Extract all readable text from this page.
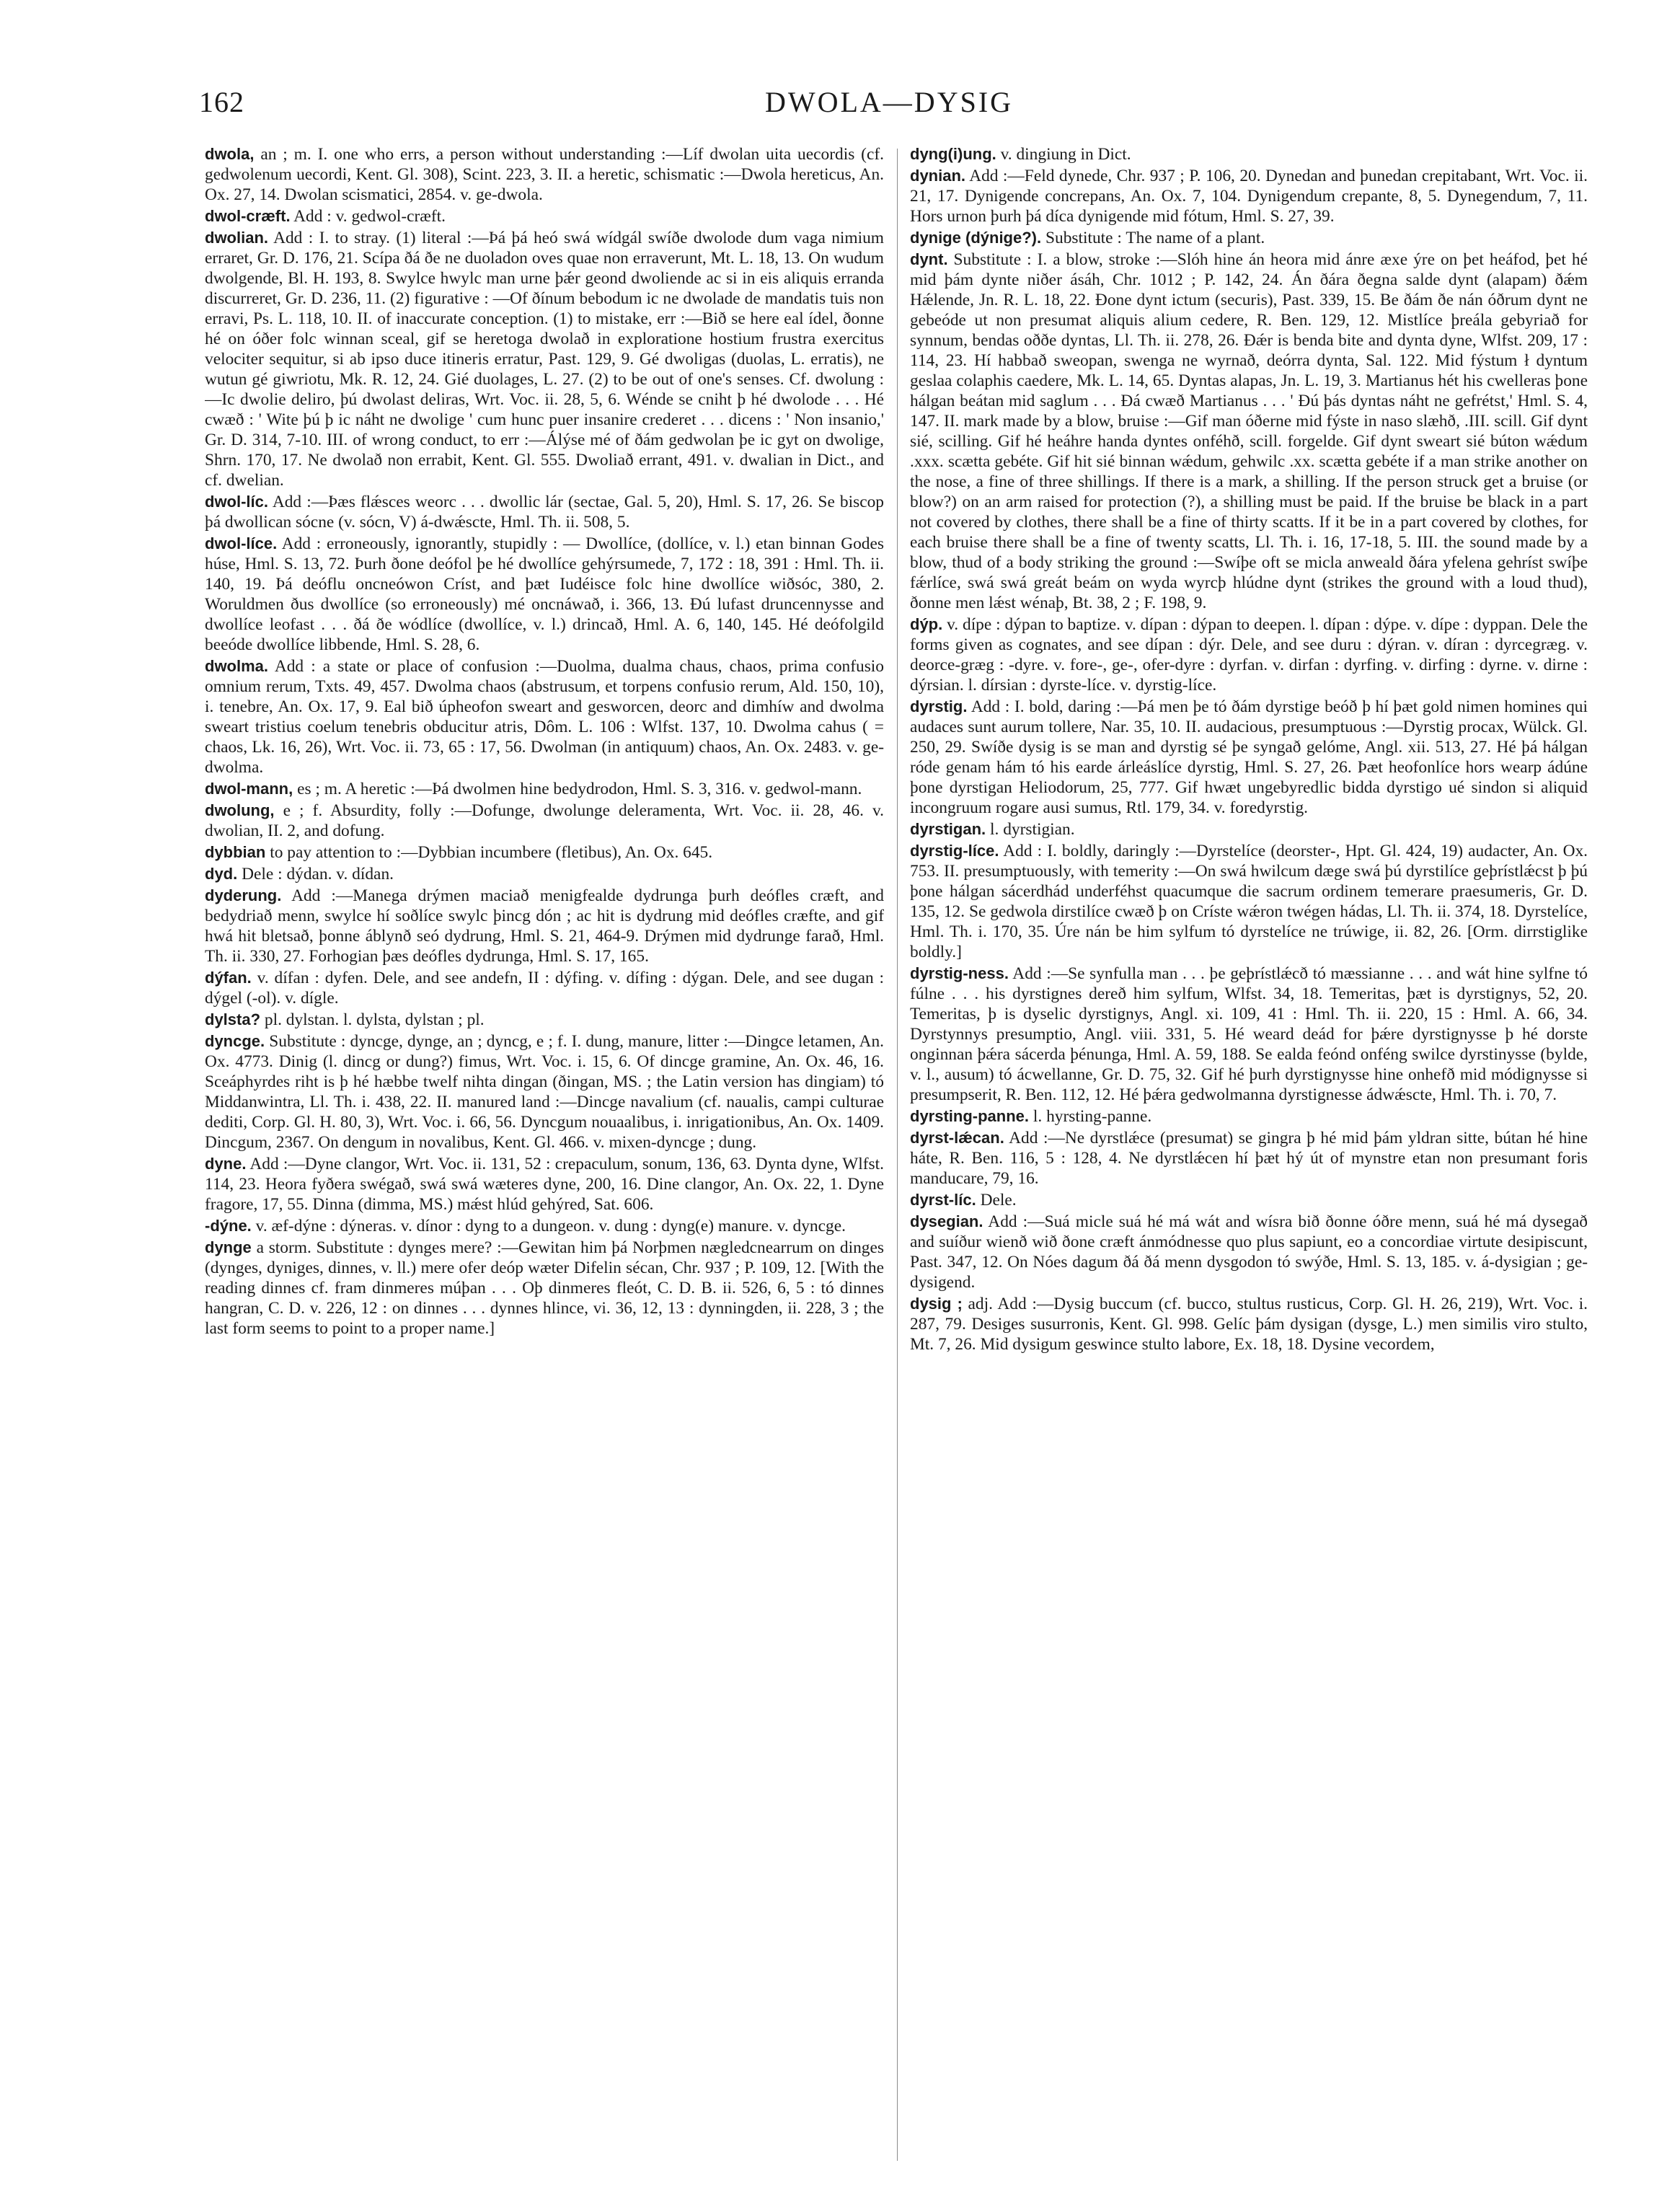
162	DWOLA—DYSIG

dwola, an ; m. I. one who errs, a person without understanding :—Líf dwolan uita uecordis (cf. gedwolenum uecordi, Kent. Gl. 308), Scint. 223, 3. II. a heretic, schismatic :—Dwola hereticus, An. Ox. 27, 14. Dwolan scismatici, 2854. v. ge-dwola.

dwol-cræft. Add : v. gedwol-cræft.

dwolian. Add : I. to stray. (1) literal :—Þá þá heó swá wídgál swíðe dwolode dum vaga nimium erraret, Gr. D. 176, 21. Scípa ðá ðe ne duoladon oves quae non erraverunt, Mt. L. 18, 13. On wudum dwolgende, Bl. H. 193, 8. Swylce hwylc man urne þǽr geond dwoliende ac si in eis aliquis erranda discurreret, Gr. D. 236, 11. (2) figurative : —Of ðínum bebodum ic ne dwolade de mandatis tuis non erravi, Ps. L. 118, 10. II. of inaccurate conception. (1) to mistake, err :—Bið se here eal ídel, ðonne hé on óðer folc winnan sceal, gif se heretoga dwolað in exploratione hostium frustra exercitus velociter sequitur, si ab ipso duce itineris erratur, Past. 129, 9. Gé dwoligas (duolas, L. erratis), ne wutun gé giwriotu, Mk. R. 12, 24. Gié duolages, L. 27. (2) to be out of one's senses. Cf. dwolung :—Ic dwolie deliro, þú dwolast deliras, Wrt. Voc. ii. 28, 5, 6. Wénde se cniht þ hé dwolode . . . Hé cwæð : ' Wite þú þ ic náht ne dwolige ' cum hunc puer insanire crederet . . . dicens : ' Non insanio,' Gr. D. 314, 7-10. III. of wrong conduct, to err :—Álýse mé of ðám gedwolan þe ic gyt on dwolige, Shrn. 170, 17. Ne dwolað non errabit, Kent. Gl. 555. Dwoliað errant, 491. v. dwalian in Dict., and cf. dwelian.

dwol-líc. Add :—Þæs flǽsces weorc . . . dwollic lár (sectae, Gal. 5, 20), Hml. S. 17, 26. Se biscop þá dwollican sócne (v. sócn, V) á-dwǽscte, Hml. Th. ii. 508, 5.

dwol-líce. Add : erroneously, ignorantly, stupidly : — Dwollíce, (dollíce, v. l.) etan binnan Godes húse, Hml. S. 13, 72. Þurh ðone deófol þe hé dwollíce gehýrsumede, 7, 172 : 18, 391 : Hml. Th. ii. 140, 19. Þá deóflu oncneówon Críst, and þæt Iudéisce folc hine dwollíce wiðsóc, 380, 2. Woruldmen ðus dwollíce (so erroneously) mé oncnáwað, i. 366, 13. Ðú lufast druncennysse and dwollíce leofast . . . ðá ðe wódlíce (dwollíce, v. l.) drincað, Hml. A. 6, 140, 145. Hé deófolgild beeóde dwollíce libbende, Hml. S. 28, 6.

dwolma. Add : a state or place of confusion :—Duolma, dualma chaus, chaos, prima confusio omnium rerum, Txts. 49, 457. Dwolma chaos (abstrusum, et torpens confusio rerum, Ald. 150, 10), i. tenebre, An. Ox. 17, 9. Eal bið úpheofon sweart and gesworcen, deorc and dimhíw and dwolma sweart tristius coelum tenebris obducitur atris, Dôm. L. 106 : Wlfst. 137, 10. Dwolma cahus ( = chaos, Lk. 16, 26), Wrt. Voc. ii. 73, 65 : 17, 56. Dwolman (in antiquum) chaos, An. Ox. 2483. v. ge-dwolma.

dwol-mann, es ; m. A heretic :—Þá dwolmen hine bedydrodon, Hml. S. 3, 316. v. gedwol-mann.

dwolung, e ; f. Absurdity, folly :—Dofunge, dwolunge deleramenta, Wrt. Voc. ii. 28, 46. v. dwolian, II. 2, and dofung.

dybbian to pay attention to :—Dybbian incumbere (fletibus), An. Ox. 645.

dyd. Dele : dýdan. v. dídan.

dyderung. Add :—Manega drýmen maciað menigfealde dydrunga þurh deófles cræft, and bedydriað menn, swylce hí soðlíce swylc þincg dón ; ac hit is dydrung mid deófles cræfte, and gif hwá hit bletsað, þonne áblynð seó dydrung, Hml. S. 21, 464-9. Drýmen mid dydrunge farað, Hml. Th. ii. 330, 27. Forhogian þæs deófles dydrunga, Hml. S. 17, 165.

dýfan. v. dífan : dyfen. Dele, and see andefn, II : dýfing. v. dífing : dýgan. Dele, and see dugan : dýgel (-ol). v. dígle.

dylsta? pl. dylstan. l. dylsta, dylstan ; pl.

dyncge. Substitute : dyncge, dynge, an ; dyncg, e ; f. I. dung, manure, litter :—Dingce letamen, An. Ox. 4773. Dinig (l. dincg or dung?) fimus, Wrt. Voc. i. 15, 6. Of dincge gramine, An. Ox. 46, 16. Sceáphyrdes riht is þ hé hæbbe twelf nihta dingan (ðingan, MS. ; the Latin version has dingiam) tó Middanwintra, Ll. Th. i. 438, 22. II. manured land :—Dincge navalium (cf. naualis, campi culturae dediti, Corp. Gl. H. 80, 3), Wrt. Voc. i. 66, 56. Dyncgum nouaalibus, i. inrigationibus, An. Ox. 1409. Dincgum, 2367. On dengum in novalibus, Kent. Gl. 466. v. mixen-dyncge ; dung.

dyne. Add :—Dyne clangor, Wrt. Voc. ii. 131, 52 : crepaculum, sonum, 136, 63. Dynta dyne, Wlfst. 114, 23. Heora fyðera swégað, swá swá wæteres dyne, 200, 16. Dine clangor, An. Ox. 22, 1. Dyne fragore, 17, 55. Dinna (dimma, MS.) mǽst hlúd gehýred, Sat. 606.

-dýne. v. æf-dýne : dýneras. v. dínor : dyng to a dungeon. v. dung : dyng(e) manure. v. dyncge.

dynge a storm. Substitute : dynges mere? :—Gewitan him þá Norþmen nægledcnearrum on dinges (dynges, dyniges, dinnes, v. ll.) mere ofer deóp wæter Difelin sécan, Chr. 937 ; P. 109, 12. [With the reading dinnes cf. fram dinmeres múþan . . . Oþ dinmeres fleót, C. D. B. ii. 526, 6, 5 : tó dinnes hangran, C. D. v. 226, 12 : on dinnes . . . dynnes hlince, vi. 36, 12, 13 : dynningden, ii. 228, 3 ; the last form seems to point to a proper name.]

dyng(i)ung. v. dingiung in Dict.

dynian. Add :—Feld dynede, Chr. 937 ; P. 106, 20. Dynedan and þunedan crepitabant, Wrt. Voc. ii. 21, 17. Dynigende concrepans, An. Ox. 7, 104. Dynigendum crepante, 8, 5. Dynegendum, 7, 11. Hors urnon þurh þá díca dynigende mid fótum, Hml. S. 27, 39.

dynige (dýnige?). Substitute : The name of a plant.

dynt. Substitute : I. a blow, stroke :—Slóh hine án heora mid ánre æxe ýre on þet heáfod, þet hé mid þám dynte niðer ásáh, Chr. 1012 ; P. 142, 24. Án ðára ðegna salde dynt (alapam) ðǽm Hǽlende, Jn. R. L. 18, 22. Ðone dynt ictum (securis), Past. 339, 15. Be ðám ðe nán óðrum dynt ne gebeóde ut non presumat aliquis alium cedere, R. Ben. 129, 12. Mistlíce þreála gebyriað for synnum, bendas oððe dyntas, Ll. Th. ii. 278, 26. Ðǽr is benda bite and dynta dyne, Wlfst. 209, 17 : 114, 23. Hí habbað sweopan, swenga ne wyrnað, deórra dynta, Sal. 122. Mid fýstum ł dyntum geslaa colaphis caedere, Mk. L. 14, 65. Dyntas alapas, Jn. L. 19, 3. Martianus hét his cwelleras þone hálgan beátan mid saglum . . . Ðá cwæð Martianus . . . ' Ðú þás dyntas náht ne gefrétst,' Hml. S. 4, 147. II. mark made by a blow, bruise :—Gif man óðerne mid fýste in naso slæhð, .III. scill. Gif dynt sié, scilling. Gif hé heáhre handa dyntes onféhð, scill. forgelde. Gif dynt sweart sié búton wǽdum .xxx. scætta gebéte. Gif hit sié binnan wǽdum, gehwilc .xx. scætta gebéte if a man strike another on the nose, a fine of three shillings. If there is a mark, a shilling. If the person struck get a bruise (or blow?) on an arm raised for protection (?), a shilling must be paid. If the bruise be black in a part not covered by clothes, there shall be a fine of thirty scatts. If it be in a part covered by clothes, for each bruise there shall be a fine of twenty scatts, Ll. Th. i. 16, 17-18, 5. III. the sound made by a blow, thud of a body striking the ground :—Swíþe oft se micla anweald ðára yfelena gehríst swíþe fǽrlíce, swá swá greát beám on wyda wyrcþ hlúdne dynt (strikes the ground with a loud thud), ðonne men lǽst wénaþ, Bt. 38, 2 ; F. 198, 9.

dýp. v. dípe : dýpan to baptize. v. dípan : dýpan to deepen. l. dípan : dýpe. v. dípe : dyppan. Dele the forms given as cognates, and see dípan : dýr. Dele, and see duru : dýran. v. díran : dyrcegræg. v. deorce-græg : -dyre. v. fore-, ge-, ofer-dyre : dyrfan. v. dirfan : dyrfing. v. dirfing : dyrne. v. dirne : dýrsian. l. dírsian : dyrste-líce. v. dyrstig-líce.

dyrstig. Add : I. bold, daring :—Þá men þe tó ðám dyrstige beóð þ hí þæt gold nimen homines qui audaces sunt aurum tollere, Nar. 35, 10. II. audacious, presumptuous :—Dyrstig procax, Wülck. Gl. 250, 29. Swíðe dysig is se man and dyrstig sé þe syngað gelóme, Angl. xii. 513, 27. Hé þá hálgan róde genam hám tó his earde árleáslíce dyrstig, Hml. S. 27, 26. Þæt heofonlíce hors wearp ádúne þone dyrstigan Heliodorum, 25, 777. Gif hwæt ungebyredlic bidda dyrstigo ué sindon si aliquid incongruum rogare ausi sumus, Rtl. 179, 34. v. foredyrstig.

dyrstigan. l. dyrstigian.

dyrstig-líce. Add : I. boldly, daringly :—Dyrstelíce (deorster-, Hpt. Gl. 424, 19) audacter, An. Ox. 753. II. presumptuously, with temerity :—On swá hwilcum dæge swá þú dyrstilíce geþrístlǽcst þ þú þone hálgan sácerdhád underféhst quacumque die sacrum ordinem temerare praesumeris, Gr. D. 135, 12. Se gedwola dirstilíce cwæð þ on Críste wǽron twégen hádas, Ll. Th. ii. 374, 18. Dyrstelíce, Hml. Th. i. 170, 35. Úre nán be him sylfum tó dyrstelíce ne trúwige, ii. 82, 26. [Orm. dirrstiglike boldly.]

dyrstig-ness. Add :—Se synfulla man . . . þe geþrístlǽcð tó mæssianne . . . and wát hine sylfne tó fúlne . . . his dyrstignes dereð him sylfum, Wlfst. 34, 18. Temeritas, þæt is dyrstignys, 52, 20. Temeritas, þ is dyselic dyrstignys, Angl. xi. 109, 41 : Hml. Th. ii. 220, 15 : Hml. A. 66, 34. Dyrstynnys presumptio, Angl. viii. 331, 5. Hé weard deád for þǽre dyrstignysse þ hé dorste onginnan þǽra sácerda þénunga, Hml. A. 59, 188. Se ealda feónd onféng swilce dyrstinysse (bylde, v. l., ausum) tó ácwellanne, Gr. D. 75, 32. Gif hé þurh dyrstignysse hine onhefð mid módignysse si presumpserit, R. Ben. 112, 12. Hé þǽra gedwolmanna dyrstignesse ádwǽscte, Hml. Th. i. 70, 7.

dyrsting-panne. l. hyrsting-panne.

dyrst-lǽcan. Add :—Ne dyrstlǽce (presumat) se gingra þ hé mid þám yldran sitte, bútan hé hine háte, R. Ben. 116, 5 : 128, 4. Ne dyrstlǽcen hí þæt hý út of mynstre etan non presumant foris manducare, 79, 16.

dyrst-líc. Dele.

dysegian. Add :—Suá micle suá hé má wát and wísra bið ðonne óðre menn, suá hé má dysegað and suíður wienð wið ðone cræft ánmódnesse quo plus sapiunt, eo a concordiae virtute desipiscunt, Past. 347, 12. On Nóes dagum ðá ðá menn dysgodon tó swýðe, Hml. S. 13, 185. v. á-dysigian ; ge-dysigend.

dysig ; adj. Add :—Dysig buccum (cf. bucco, stultus rusticus, Corp. Gl. H. 26, 219), Wrt. Voc. i. 287, 79. Desiges susurronis, Kent. Gl. 998. Gelíc þám dysigan (dysge, L.) men similis viro stulto, Mt. 7, 26. Mid dysigum geswince stulto labore, Ex. 18, 18. Dysine vecordem,
